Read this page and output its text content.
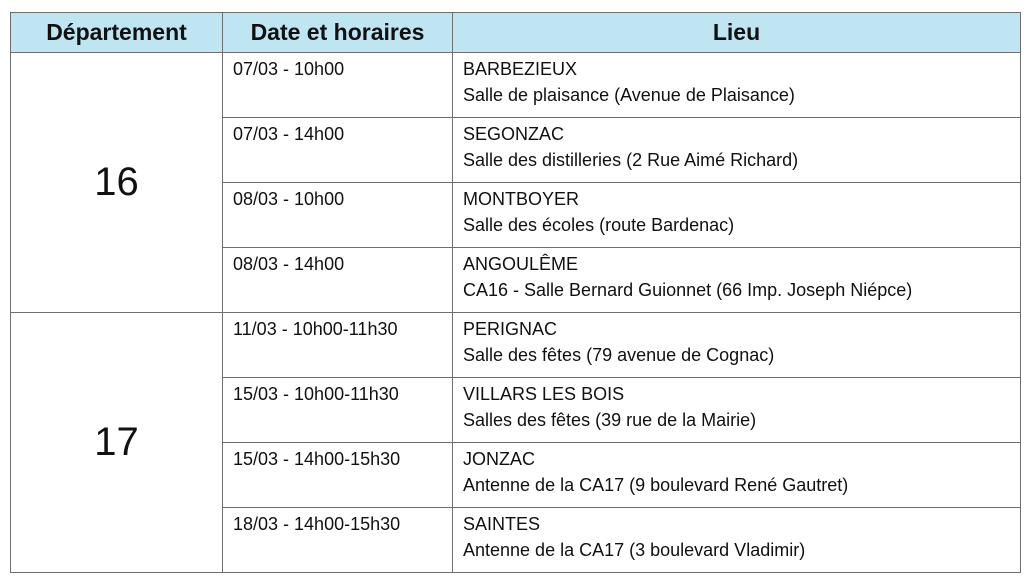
Département	Date et horaires	Lieu
16	07/03 - 10h00	BARBEZIEUX
Salle de plaisance (Avenue de Plaisance)

	07/03 - 14h00	SEGONZAC
Salle des distilleries (2 Rue Aimé Richard)

	08/03 - 10h00	MONTBOYER
Salle des écoles (route Bardenac)

	08/03 - 14h00	ANGOULÊME
CA16 - Salle Bernard Guionnet (66 Imp. Joseph Niépce)

17	11/03 - 10h00-11h30	PERIGNAC
Salle des fêtes (79 avenue de Cognac)

	15/03 - 10h00-11h30	VILLARS LES BOIS
Salles des fêtes (39 rue de la Mairie)

	15/03 - 14h00-15h30	JONZAC
Antenne de la CA17 (9 boulevard René Gautret)

	18/03 - 14h00-15h30	SAINTES
Antenne de la CA17 (3 boulevard Vladimir)
